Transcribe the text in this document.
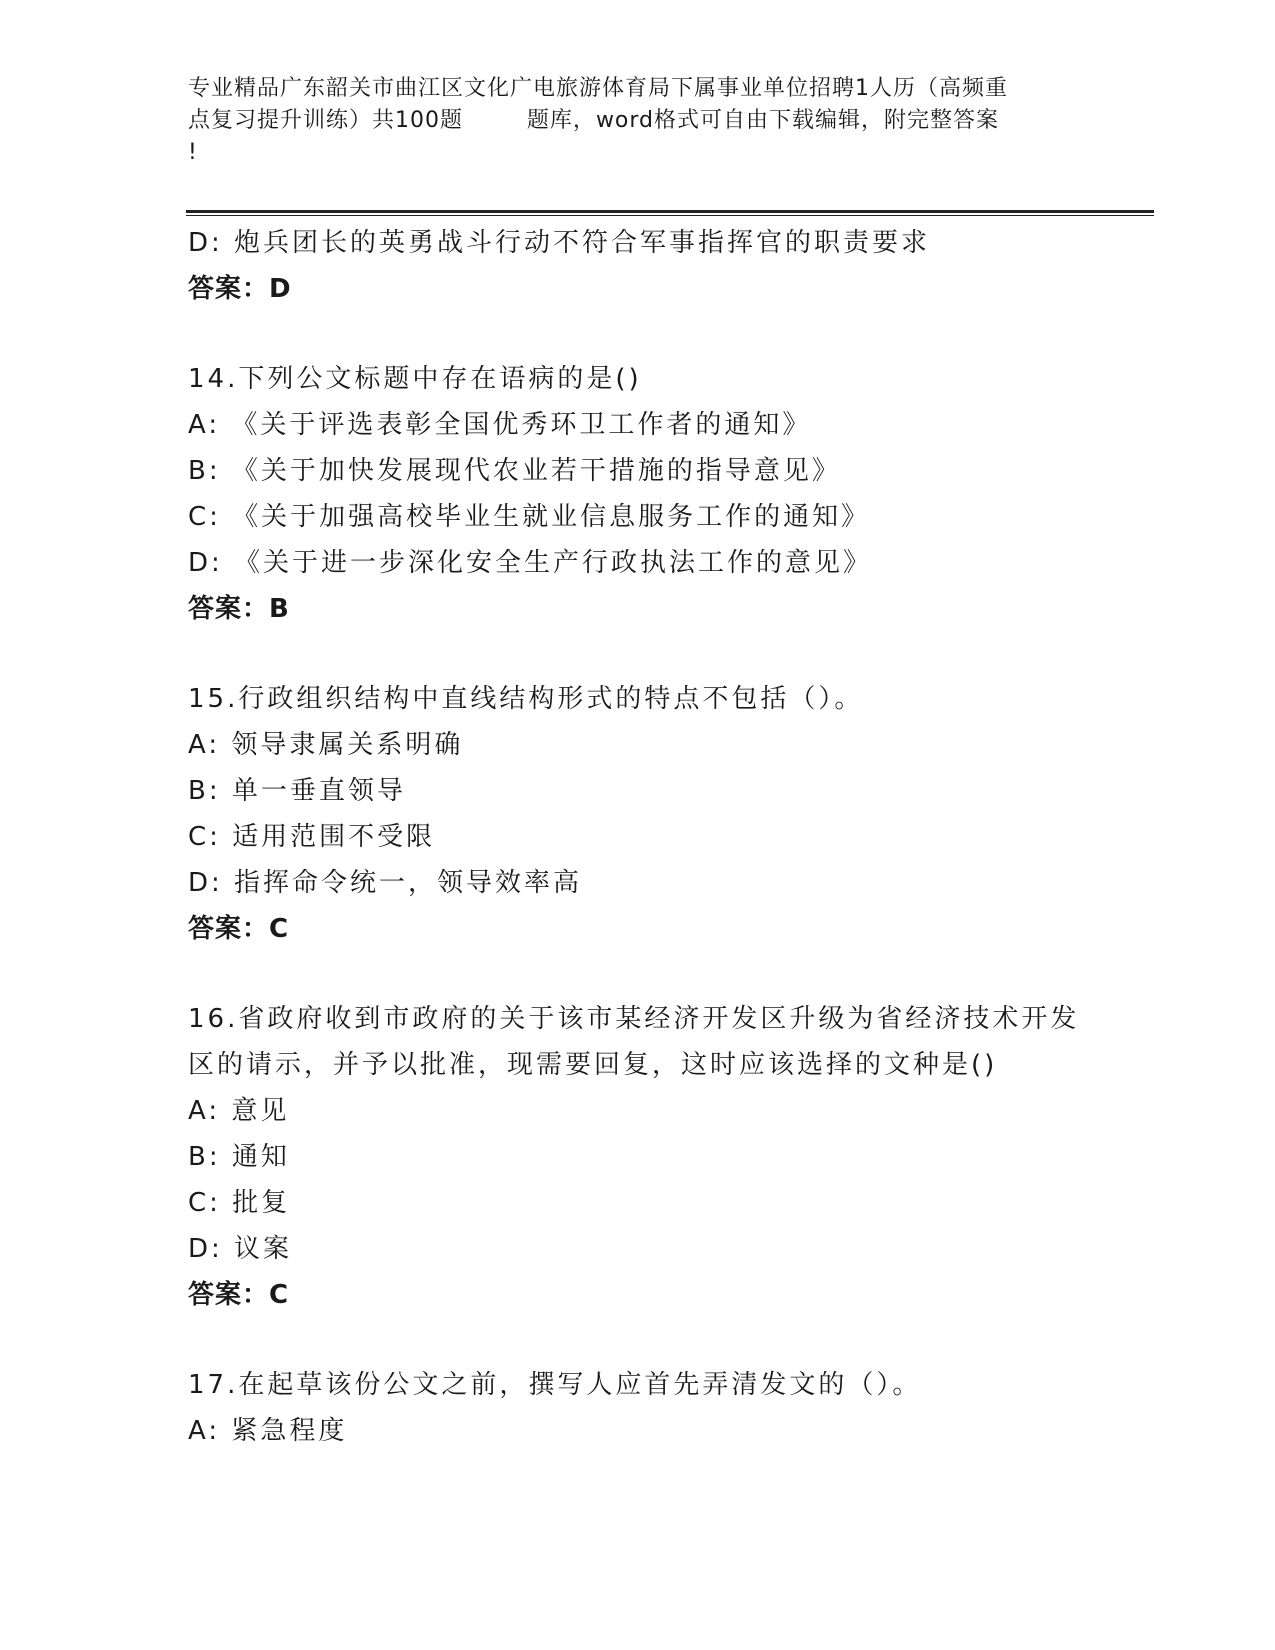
专业精品广东韶关市曲江区文化广电旅游体育局下属事业单位招聘1人历（高频重
点复习提升训练）共100题        题库，word格式可自由下载编辑，附完整答案
!
D: 炮兵团长的英勇战斗行动不符合军事指挥官的职责要求
答案：D
14.下列公文标题中存在语病的是()
A: 《关于评选表彰全国优秀环卫工作者的通知》
B: 《关于加快发展现代农业若干措施的指导意见》
C: 《关于加强高校毕业生就业信息服务工作的通知》
D: 《关于进一步深化安全生产行政执法工作的意见》
答案：B
15.行政组织结构中直线结构形式的特点不包括（）。
A: 领导隶属关系明确
B: 单一垂直领导
C: 适用范围不受限
D: 指挥命令统一，领导效率高
答案：C
16.省政府收到市政府的关于该市某经济开发区升级为省经济技术开发
区的请示，并予以批准，现需要回复，这时应该选择的文种是()
A: 意见
B: 通知
C: 批复
D: 议案
答案：C
17.在起草该份公文之前，撰写人应首先弄清发文的（）。
A: 紧急程度
